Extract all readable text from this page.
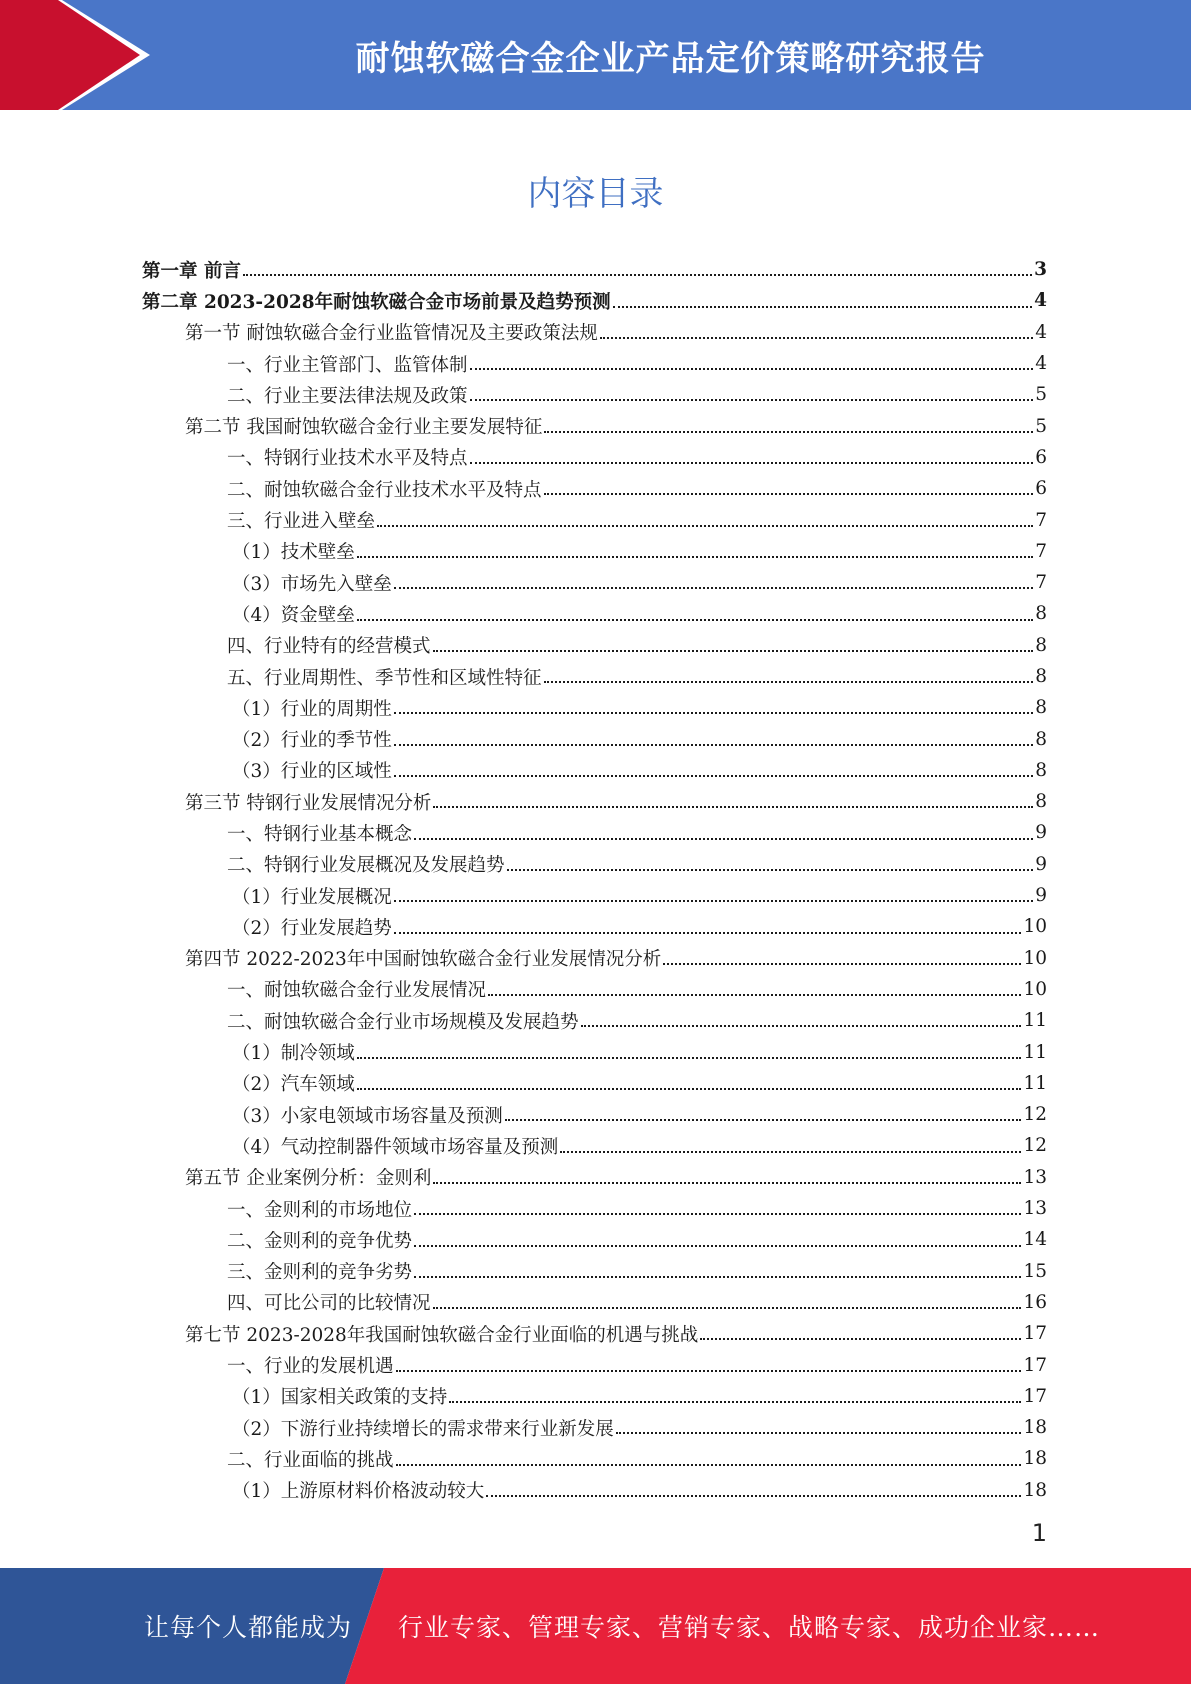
耐蚀软磁合金企业产品定价策略研究报告
内容目录
第一章 前言	3
第二章 2023-2028年耐蚀软磁合金市场前景及趋势预测	4
第一节 耐蚀软磁合金行业监管情况及主要政策法规	4
一、行业主管部门、监管体制	4
二、行业主要法律法规及政策	5
第二节 我国耐蚀软磁合金行业主要发展特征	5
一、特钢行业技术水平及特点	6
二、耐蚀软磁合金行业技术水平及特点	6
三、行业进入壁垒	7
（1）技术壁垒	7
（3）市场先入壁垒	7
（4）资金壁垒	8
四、行业特有的经营模式	8
五、行业周期性、季节性和区域性特征	8
（1）行业的周期性	8
（2）行业的季节性	8
（3）行业的区域性	8
第三节 特钢行业发展情况分析	8
一、特钢行业基本概念	9
二、特钢行业发展概况及发展趋势	9
（1）行业发展概况	9
（2）行业发展趋势	10
第四节 2022-2023年中国耐蚀软磁合金行业发展情况分析	10
一、耐蚀软磁合金行业发展情况	10
二、耐蚀软磁合金行业市场规模及发展趋势	11
（1）制冷领域	11
（2）汽车领域	11
（3）小家电领域市场容量及预测	12
（4）气动控制器件领域市场容量及预测	12
第五节 企业案例分析：金则利	13
一、金则利的市场地位	13
二、金则利的竞争优势	14
三、金则利的竞争劣势	15
四、可比公司的比较情况	16
第七节 2023-2028年我国耐蚀软磁合金行业面临的机遇与挑战	17
一、行业的发展机遇	17
（1）国家相关政策的支持	17
（2）下游行业持续增长的需求带来行业新发展	18
二、行业面临的挑战	18
（1）上游原材料价格波动较大	18
1
让每个人都能成为 行业专家、管理专家、营销专家、战略专家、成功企业家……
